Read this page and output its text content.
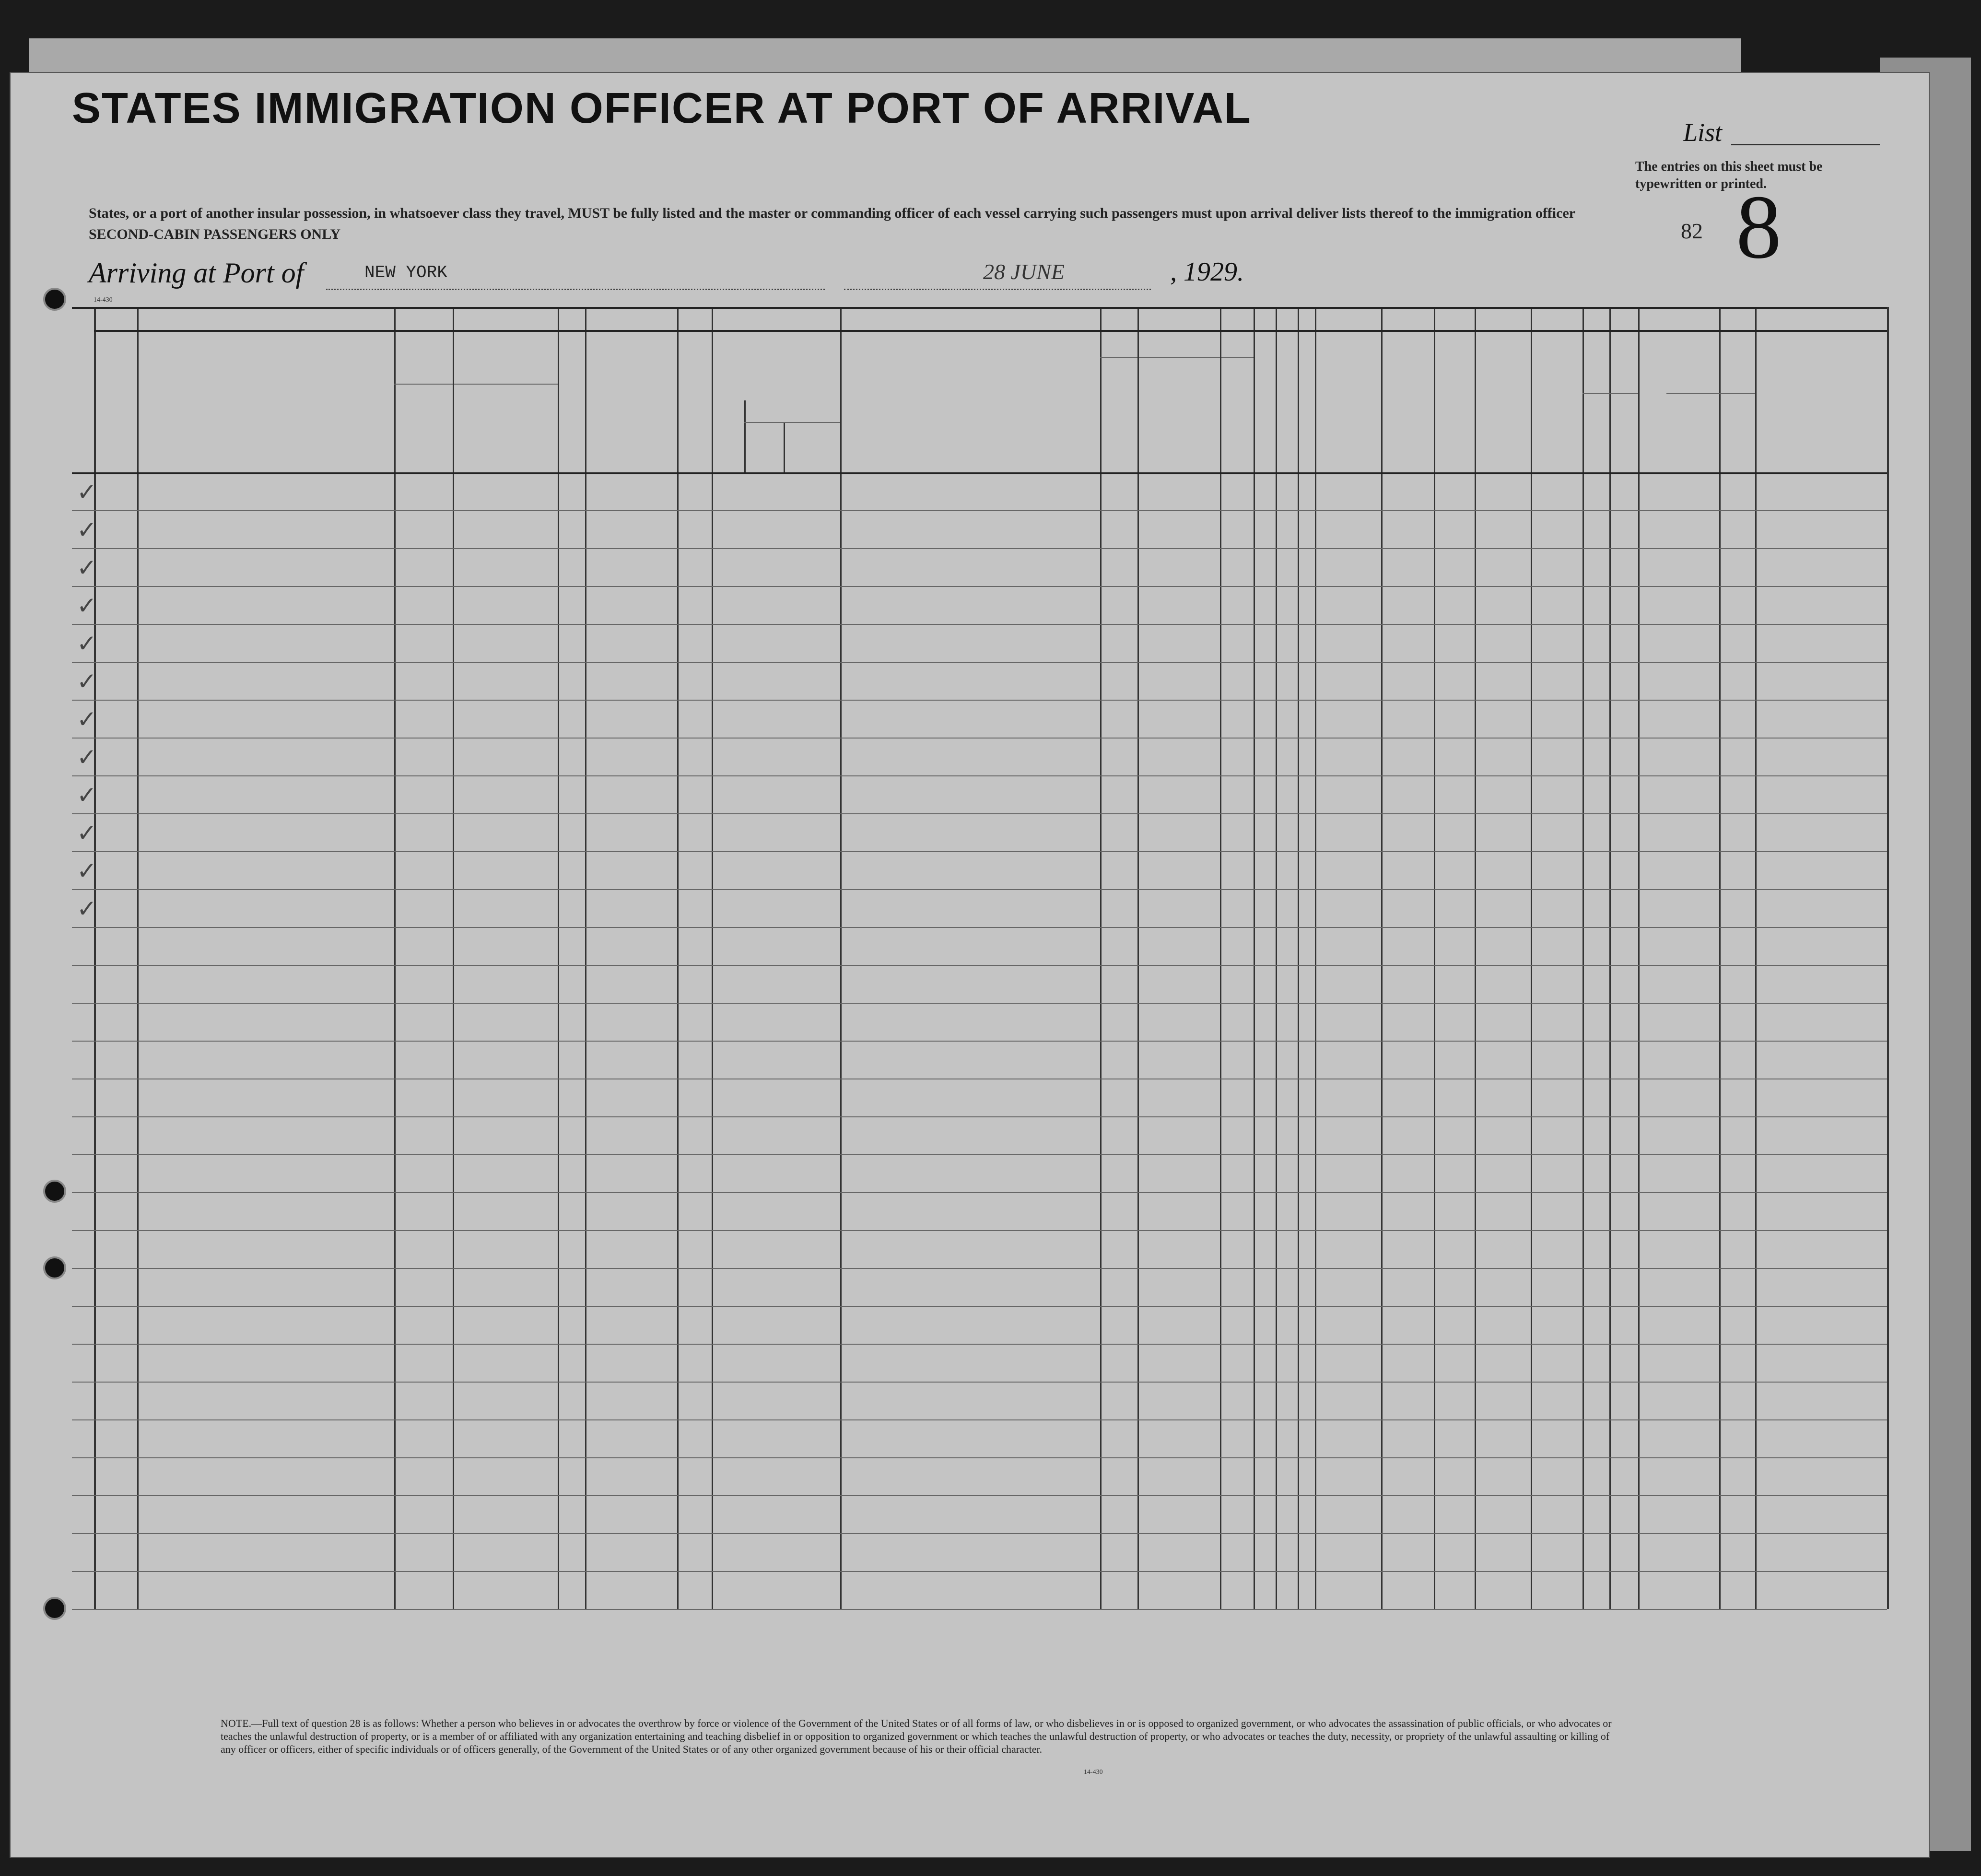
STATES IMMIGRATION OFFICER AT PORT OF ARRIVAL
States, or a port of another insular possession, in whatsoever class they travel, MUST be fully listed and the master or commanding officer of each vessel carrying such passengers must upon arrival deliver lists thereof to the immigration officer
SECOND-CABIN PASSENGERS ONLY
Arriving at Port of	NEW YORK	28 JUNE	, 1929.
List
The entries on this sheet must be typewritten or printed.
82 8
14-430
✓
✓
✓
✓
✓
✓
✓
✓
✓
✓
✓
✓
NOTE.—Full text of question 28 is as follows: Whether a person who believes in or advocates the overthrow by force or violence of the Government of the United States or of all forms of law, or who disbelieves in or is opposed to organized government, or who advocates the assassination of public officials, or who advocates or teaches the unlawful destruction of property, or is a member of or affiliated with any organization entertaining and teaching disbelief in or opposition to organized government or which teaches the unlawful destruction of property, or who advocates or teaches the duty, necessity, or propriety of the unlawful assaulting or killing of any officer or officers, either of specific individuals or of officers generally, of the Government of the United States or of any other organized government because of his or their official character.
14-430
